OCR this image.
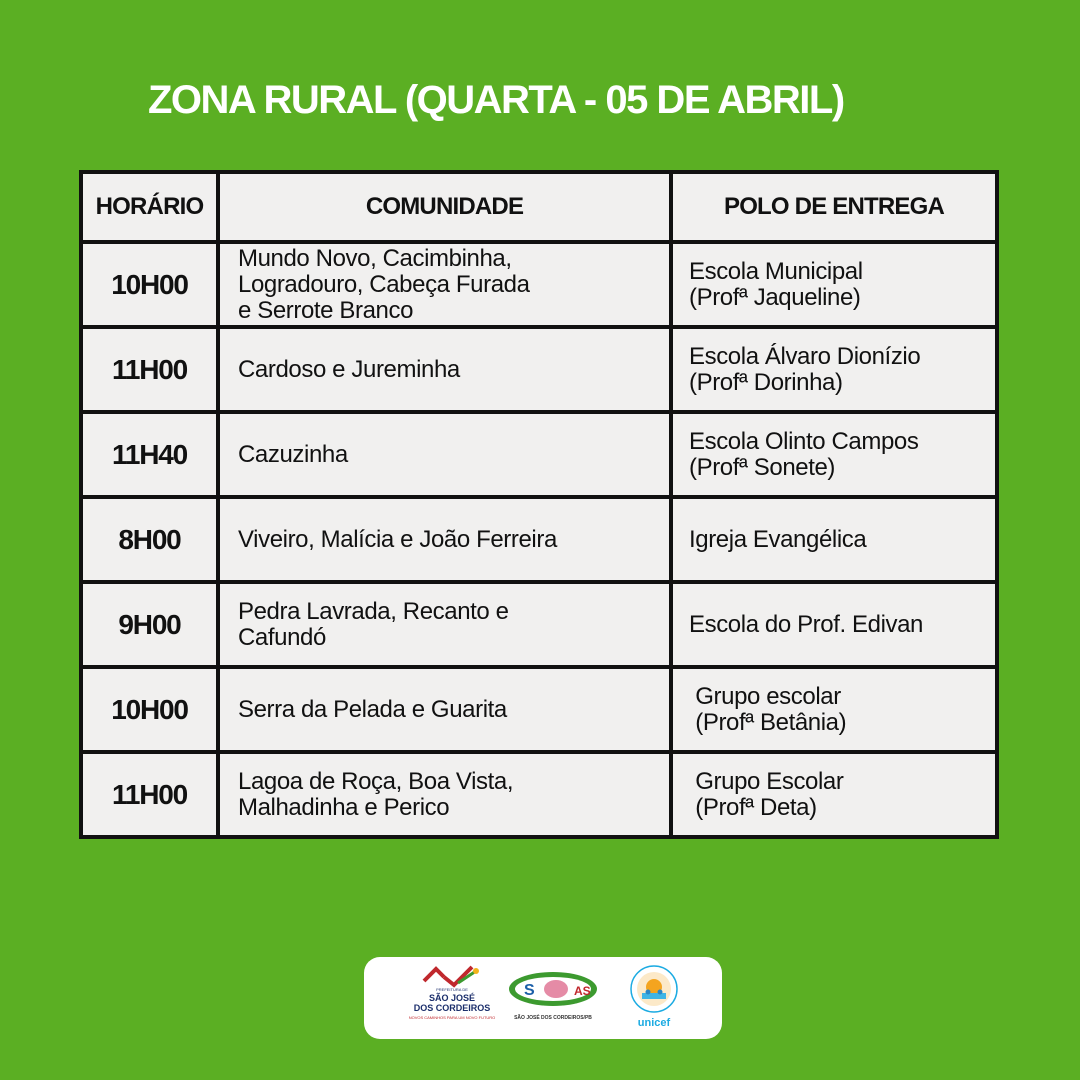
ZONA RURAL (QUARTA - 05 DE ABRIL)
HORÁRIO	COMUNIDADE	POLO DE ENTREGA
10H00	Mundo Novo, Cacimbinha,
Logradouro, Cabeça Furada
e Serrote Branco	Escola Municipal
(Profª Jaqueline)

11H00	Cardoso e Jureminha	Escola Álvaro Dionízio
(Profª Dorinha)

11H40	Cazuzinha	Escola Olinto Campos
(Profª Sonete)

8H00	Viveiro, Malícia e João Ferreira	Igreja Evangélica

9H00	Pedra Lavrada, Recanto e
Cafundó	Escola do Prof. Edivan

10H00	Serra da Pelada e Guarita	Grupo escolar
(Profª Betânia)

11H00	Lagoa de Roça, Boa Vista,
Malhadinha e Perico	Grupo Escolar
(Profª Deta)
PREFEITURA DE
SÃO JOSÉ
DOS CORDEIROS
NOVOS CAMINHOS PARA UM NOVO FUTURO
S	AS
SÃO JOSÉ DOS CORDEIROS/PB	unicef
